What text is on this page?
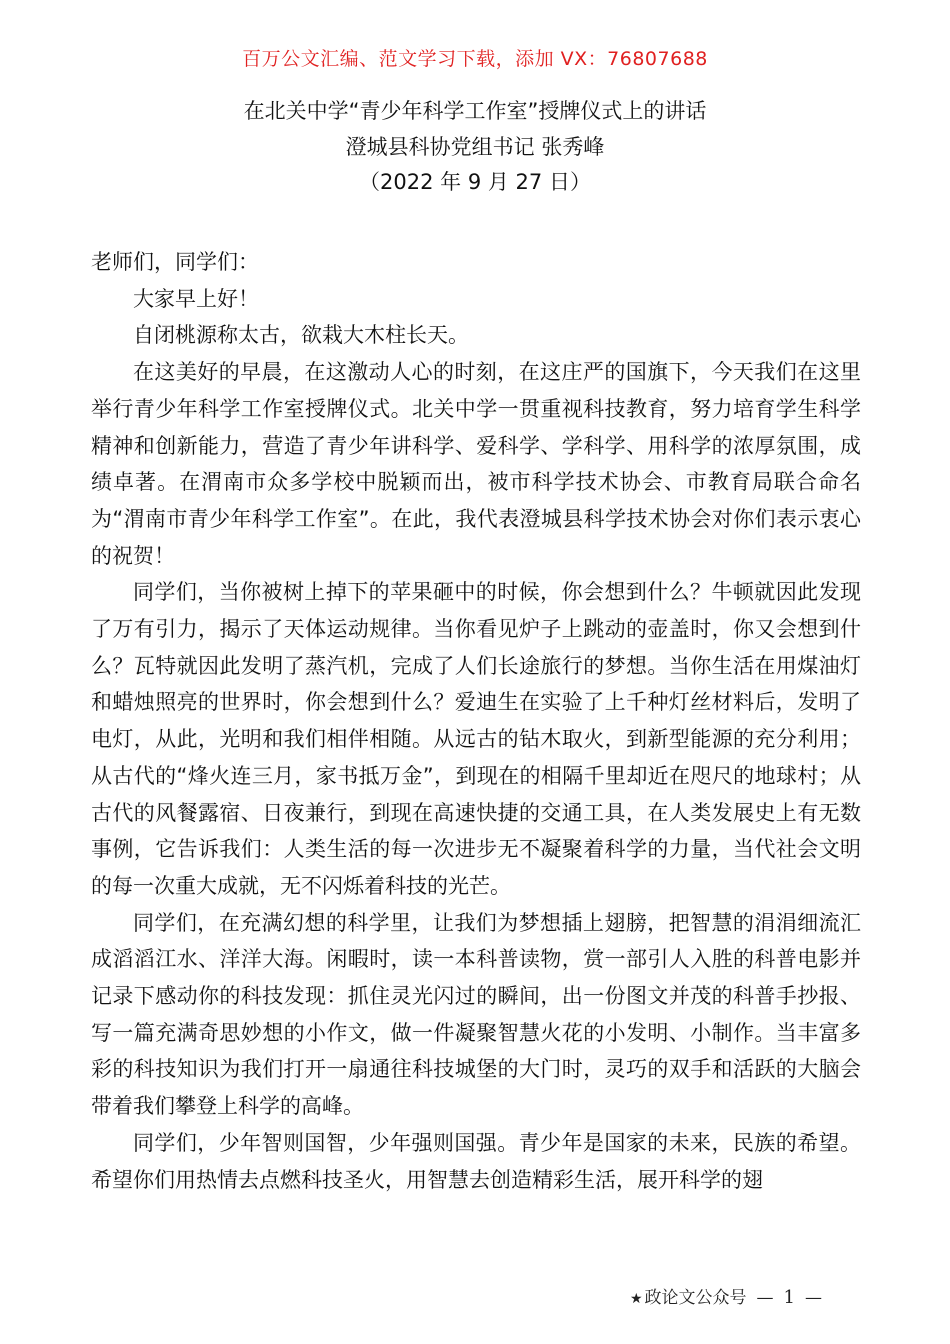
百万公文汇编、范文学习下载，添加 VX：76807688
在北关中学“青少年科学工作室”授牌仪式上的讲话
澄城县科协党组书记 张秀峰
（2022 年 9 月 27 日）

老师们，同学们：

大家早上好！

自闭桃源称太古，欲栽大木柱长天。

在这美好的早晨，在这激动人心的时刻，在这庄严的国旗下，今天我们在这里举行青少年科学工作室授牌仪式。北关中学一贯重视科技教育，努力培育学生科学精神和创新能力，营造了青少年讲科学、爱科学、学科学、用科学的浓厚氛围，成绩卓著。在渭南市众多学校中脱颖而出，被市科学技术协会、市教育局联合命名为“渭南市青少年科学工作室”。在此，我代表澄城县科学技术协会对你们表示衷心的祝贺！

同学们，当你被树上掉下的苹果砸中的时候，你会想到什么？牛顿就因此发现了万有引力，揭示了天体运动规律。当你看见炉子上跳动的壶盖时，你又会想到什么？瓦特就因此发明了蒸汽机，完成了人们长途旅行的梦想。当你生活在用煤油灯和蜡烛照亮的世界时，你会想到什么？爱迪生在实验了上千种灯丝材料后，发明了电灯，从此，光明和我们相伴相随。从远古的钻木取火，到新型能源的充分利用；从古代的“烽火连三月，家书抵万金”，到现在的相隔千里却近在咫尺的地球村；从古代的风餐露宿、日夜兼行，到现在高速快捷的交通工具，在人类发展史上有无数事例，它告诉我们：人类生活的每一次进步无不凝聚着科学的力量，当代社会文明的每一次重大成就，无不闪烁着科技的光芒。

同学们，在充满幻想的科学里，让我们为梦想插上翅膀，把智慧的涓涓细流汇成滔滔江水、洋洋大海。闲暇时，读一本科普读物，赏一部引人入胜的科普电影并记录下感动你的科技发现：抓住灵光闪过的瞬间，出一份图文并茂的科普手抄报、写一篇充满奇思妙想的小作文，做一件凝聚智慧火花的小发明、小制作。当丰富多彩的科技知识为我们打开一扇通往科技城堡的大门时，灵巧的双手和活跃的大脑会带着我们攀登上科学的高峰。

同学们，少年智则国智，少年强则国强。青少年是国家的未来，民族的希望。希望你们用热情去点燃科技圣火，用智慧去创造精彩生活，展开科学的翅

★ 政论文公众号 — 1 —
